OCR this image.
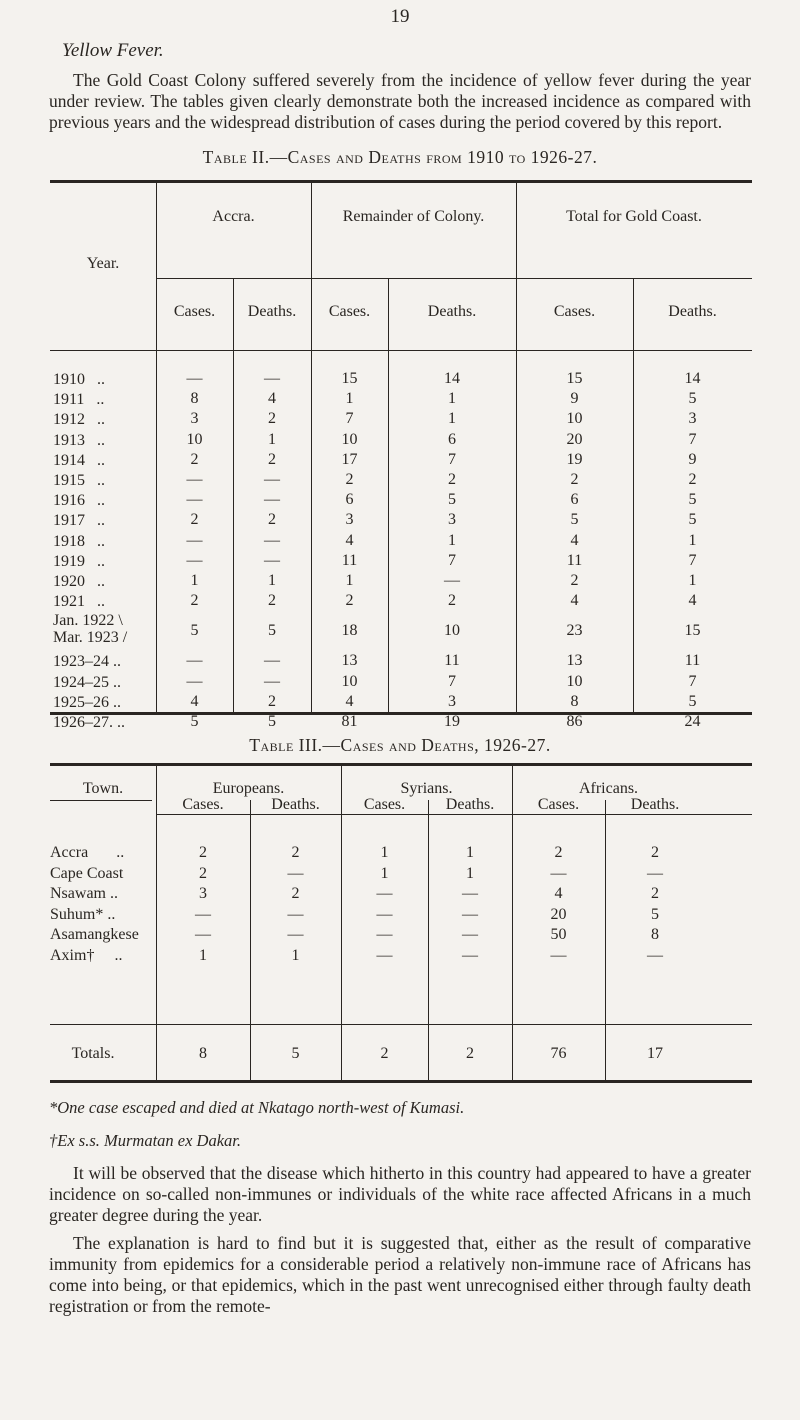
19
Yellow Fever.
The Gold Coast Colony suffered severely from the incidence of yellow fever during the year under review. The tables given clearly demonstrate both the increased incidence as compared with previous years and the widespread distribution of cases during the period covered by this report.
Table II.—Cases and Deaths from 1910 to 1926-27.
Year.
Accra.	Remainder of Colony.	Total for Gold Coast.
Cases.	Deaths.	Cases.	Deaths.	Cases.	Deaths.
1910   ..	—	—	15	14	15	14
1911   ..	8	4	1	1	9	5
1912   ..	3	2	7	1	10	3
1913   ..	10	1	10	6	20	7
1914   ..	2	2	17	7	19	9
1915   ..	—	—	2	2	2	2
1916   ..	—	—	6	5	6	5
1917   ..	2	2	3	3	5	5
1918   ..	—	—	4	1	4	1
1919   ..	—	—	11	7	11	7
1920   ..	1	1	1	—	2	1
1921   ..	2	2	2	2	4	4
Jan. 1922 \
Mar. 1923 /	5	5	18	10	23	15
1923–24 ..	—	—	13	11	13	11
1924–25 ..	—	—	10	7	10	7
1925–26 ..	4	2	4	3	8	5
1926–27. ..	5	5	81	19	86	24
Table III.—Cases and Deaths, 1926-27.
Town.	Europeans.	Syrians.	Africans.
Cases.	Deaths.	Cases.	Deaths.	Cases.	Deaths.
Accra       ..	2	2	1	1	2	2
Cape Coast	2	—	1	1	—	—
Nsawam ..	3	2	—	—	4	2
Suhum* ..	—	—	—	—	20	5
Asamangkese	—	—	—	—	50	8
Axim†     ..	1	1	—	—	—	—
Totals.	8	5	2	2	76	17
*One case escaped and died at Nkatago north-west of Kumasi.
†Ex s.s. Murmatan ex Dakar.
It will be observed that the disease which hitherto in this country had appeared to have a greater incidence on so-called non-immunes or individuals of the white race affected Africans in a much greater degree during the year.
The explanation is hard to find but it is suggested that, either as the result of comparative immunity from epidemics for a considerable period a relatively non-immune race of Africans has come into being, or that epidemics, which in the past went unrecognised either through faulty death registration or from the remote-
